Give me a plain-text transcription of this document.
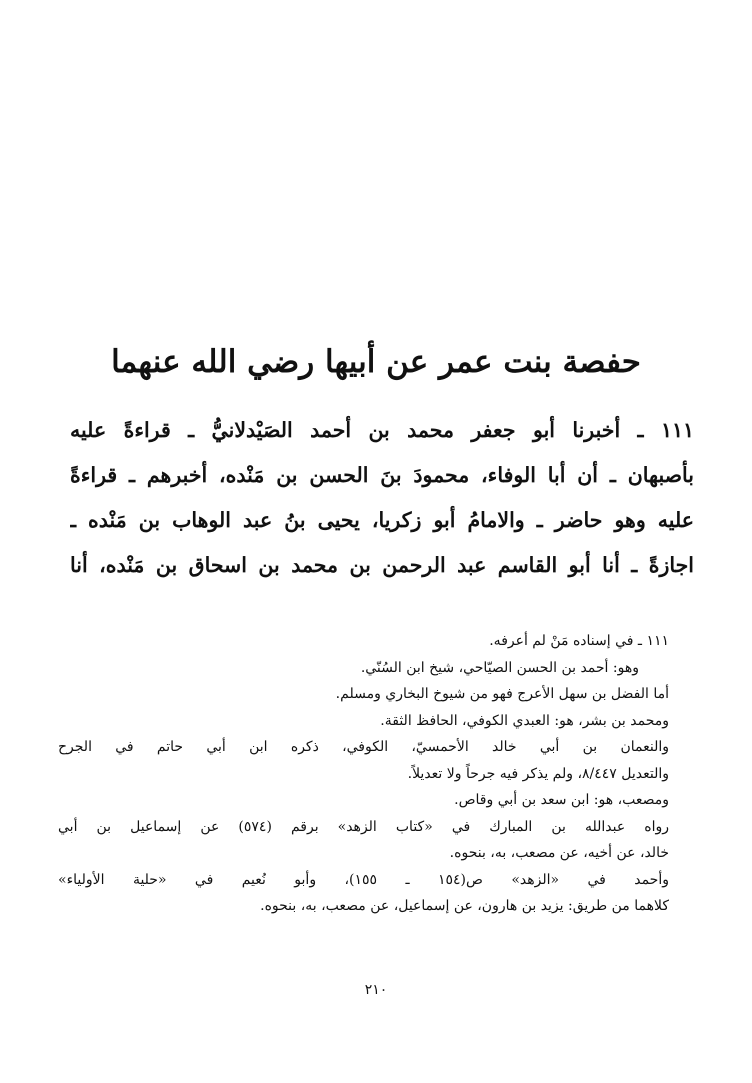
حفصة بنت عمر عن أبيها رضي الله عنهما
١١١ ـ أخبرنا أبو جعفر محمد بن أحمد الصَيْدلانيُّ ـ قراءةً عليه
بأصبهان ـ أن أبا الوفاء، محمودَ بنَ الحسن بن مَنْده، أخبرهم ـ قراءةً
عليه وهو حاضر ـ والامامُ أبو زكريا، يحيى بنُ عبد الوهاب بن مَنْده ـ
اجازةً ـ أنا أبو القاسم عبد الرحمن بن محمد بن اسحاق بن مَنْده، أنا
١١١ ـ في إسناده مَنْ لم أعرفه.
وهو: أحمد بن الحسن الصيّاحي، شيخ ابن السُنّي.
أما الفضل بن سهل الأعرج فهو من شيوخ البخاري ومسلم.
ومحمد بن بشر، هو: العبدي الكوفي، الحافظ الثقة.
والنعمان بن أبي خالد الأحمسيّ، الكوفي، ذكره ابن أبي حاتم في الجرح
والتعديل ٨/٤٤٧، ولم يذكر فيه جرحاً ولا تعديلاً.
ومصعب، هو: ابن سعد بن أبي وقاص.
رواه عبدالله بن المبارك في «كتاب الزهد» برقم (٥٧٤) عن إسماعيل بن أبي
خالد، عن أخيه، عن مصعب، به، بنحوه.
وأحمد في «الزهد» ص(١٥٤ ـ ١٥٥)، وأبو نُعيم في «حلية الأولياء»
كلاهما من طريق: يزيد بن هارون، عن إسماعيل، عن مصعب، به، بنحوه.
٢١٠
